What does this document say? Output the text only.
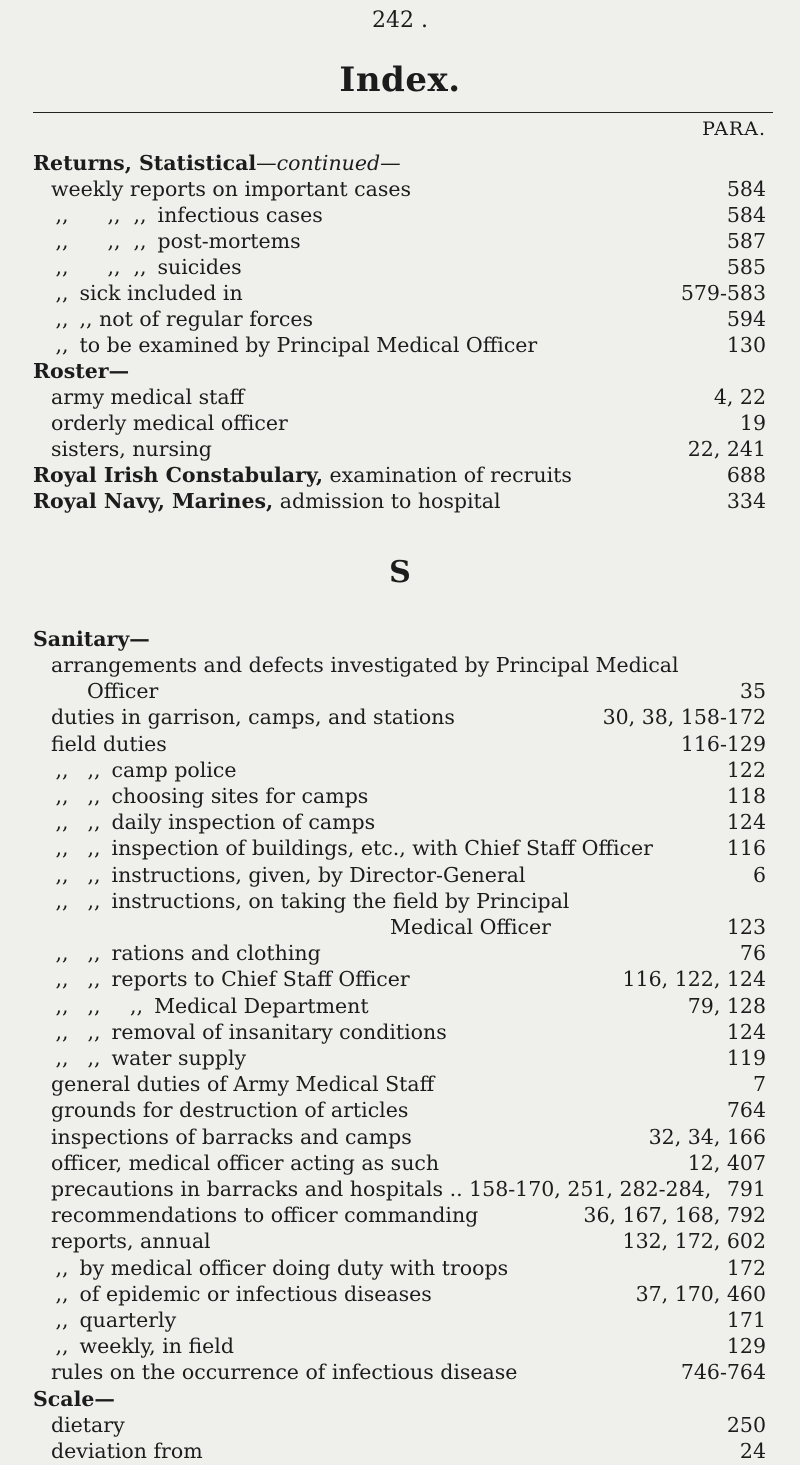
242 .
Index.
PARA.
Returns, Statistical—continued—
weekly reports on important cases	584
,, ,, ,, infectious cases	584
,, ,, ,, post-mortems	587
,, ,, ,, suicides	585
,, sick included in	579-583
,, ,, not of regular forces	594
,, to be examined by Principal Medical Officer	130
Roster—
army medical staff	4, 22
orderly medical officer	19
sisters, nursing	22, 241
Royal Irish Constabulary, examination of recruits	688
Royal Navy, Marines, admission to hospital	334
S
Sanitary—
arrangements and defects investigated by Principal Medical
Officer	35
duties in garrison, camps, and stations	30, 38, 158-172
field duties	116-129
,, ,, camp police	122
,, ,, choosing sites for camps	118
,, ,, daily inspection of camps	124
,, ,, inspection of buildings, etc., with Chief Staff Officer	116
,, ,, instructions, given, by Director-General	6
,, ,, instructions, on taking the field by Principal
Medical Officer	123
,, ,, rations and clothing	76
,, ,, reports to Chief Staff Officer	116, 122, 124
,, ,, ,, Medical Department	79, 128
,, ,, removal of insanitary conditions	124
,, ,, water supply	119
general duties of Army Medical Staff	7
grounds for destruction of articles	764
inspections of barracks and camps	32, 34, 166
officer, medical officer acting as such	12, 407
precautions in barracks and hospitals .. 158-170, 251, 282-284, 791
recommendations to officer commanding	36, 167, 168, 792
reports, annual	132, 172, 602
,, by medical officer doing duty with troops	172
,, of epidemic or infectious diseases	37, 170, 460
,, quarterly	171
,, weekly, in field	129
rules on the occurrence of infectious disease	746-764
Scale—
dietary	250
deviation from	24
